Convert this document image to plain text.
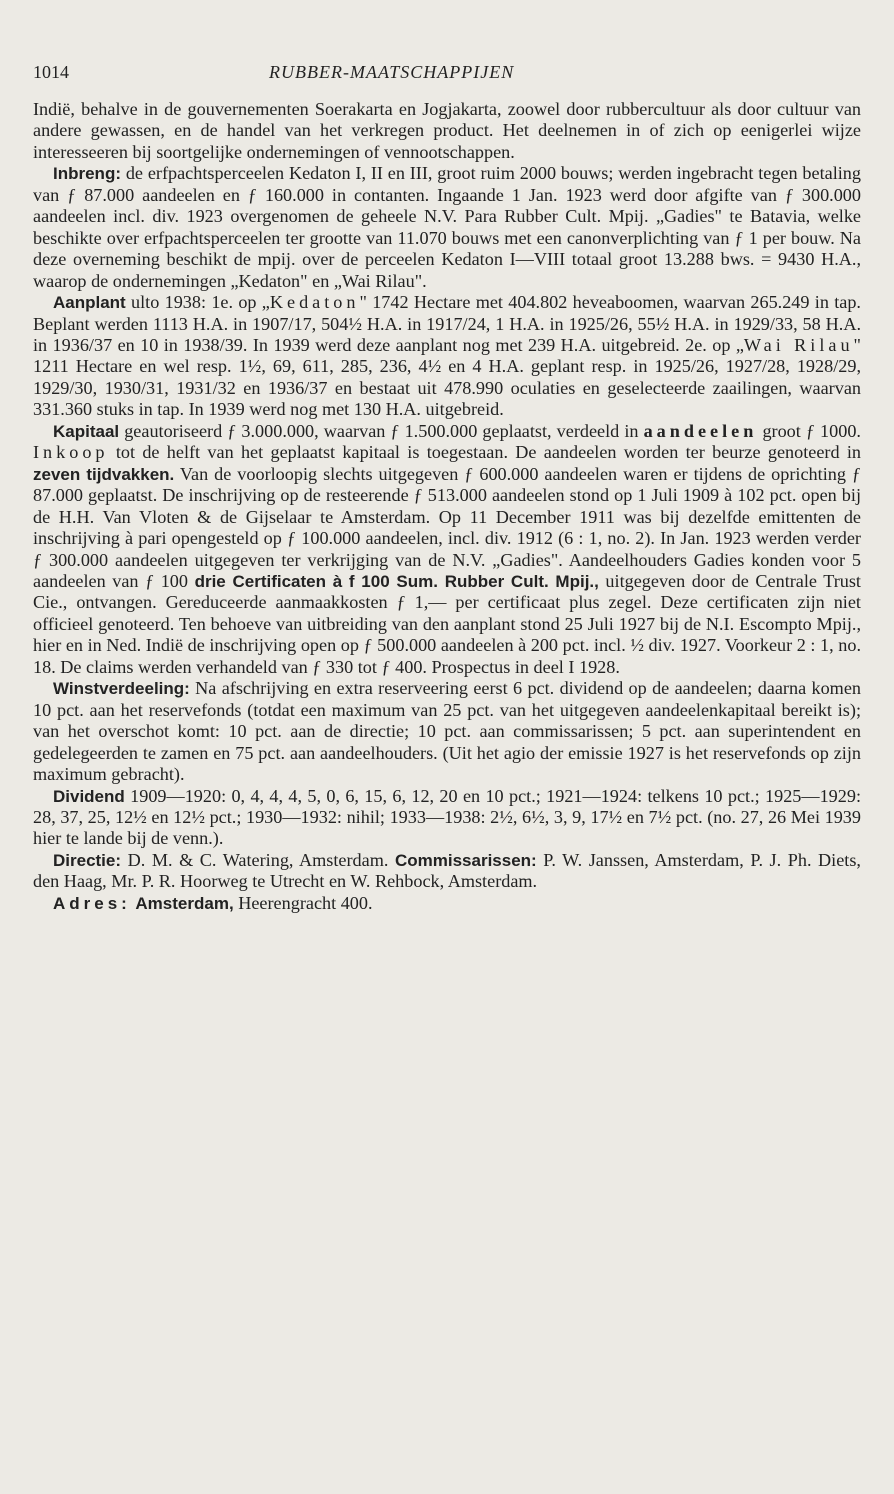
1014	RUBBER-MAATSCHAPPIJEN

Indië, behalve in de gouvernementen Soerakarta en Jogjakarta, zoowel door rubbercultuur als door cultuur van andere gewassen, en de handel van het verkregen product. Het deelnemen in of zich op eenigerlei wijze interesseeren bij soortgelijke ondernemingen of vennootschappen.

Inbreng: de erfpachtsperceelen Kedaton I, II en III, groot ruim 2000 bouws; werden ingebracht tegen betaling van ƒ 87.000 aandeelen en ƒ 160.000 in contanten. Ingaande 1 Jan. 1923 werd door afgifte van ƒ 300.000 aandeelen incl. div. 1923 overgenomen de geheele N.V. Para Rubber Cult. Mpij. „Gadies" te Batavia, welke beschikte over erfpachtsperceelen ter grootte van 11.070 bouws met een canonverplichting van ƒ 1 per bouw. Na deze overneming beschikt de mpij. over de perceelen Kedaton I—VIII totaal groot 13.288 bws. = 9430 H.A., waarop de ondernemingen „Kedaton" en „Wai Rilau".

Aanplant ulto 1938: 1e. op „Kedaton" 1742 Hectare met 404.802 heveaboomen, waarvan 265.249 in tap. Beplant werden 1113 H.A. in 1907/17, 504½ H.A. in 1917/24, 1 H.A. in 1925/26, 55½ H.A. in 1929/33, 58 H.A. in 1936/37 en 10 in 1938/39. In 1939 werd deze aanplant nog met 239 H.A. uitgebreid. 2e. op „Wai Rilau" 1211 Hectare en wel resp. 1½, 69, 611, 285, 236, 4½ en 4 H.A. geplant resp. in 1925/26, 1927/28, 1928/29, 1929/30, 1930/31, 1931/32 en 1936/37 en bestaat uit 478.990 oculaties en geselecteerde zaailingen, waarvan 331.360 stuks in tap. In 1939 werd nog met 130 H.A. uitgebreid.

Kapitaal geautoriseerd ƒ 3.000.000, waarvan ƒ 1.500.000 geplaatst, verdeeld in aandeelen groot ƒ 1000. Inkoop tot de helft van het geplaatst kapitaal is toegestaan. De aandeelen worden ter beurze genoteerd in zeven tijdvakken. Van de voorloopig slechts uitgegeven ƒ 600.000 aandeelen waren er tijdens de oprichting ƒ 87.000 geplaatst. De inschrijving op de resteerende ƒ 513.000 aandeelen stond op 1 Juli 1909 à 102 pct. open bij de H.H. Van Vloten & de Gijselaar te Amsterdam. Op 11 December 1911 was bij dezelfde emittenten de inschrijving à pari opengesteld op ƒ 100.000 aandeelen, incl. div. 1912 (6 : 1, no. 2). In Jan. 1923 werden verder ƒ 300.000 aandeelen uitgegeven ter verkrijging van de N.V. „Gadies". Aandeelhouders Gadies konden voor 5 aandeelen van ƒ 100 drie Certificaten à f 100 Sum. Rubber Cult. Mpij., uitgegeven door de Centrale Trust Cie., ontvangen. Gereduceerde aanmaakkosten ƒ 1,— per certificaat plus zegel. Deze certificaten zijn niet officieel genoteerd. Ten behoeve van uitbreiding van den aanplant stond 25 Juli 1927 bij de N.I. Escompto Mpij., hier en in Ned. Indië de inschrijving open op ƒ 500.000 aandeelen à 200 pct. incl. ½ div. 1927. Voorkeur 2 : 1, no. 18. De claims werden verhandeld van ƒ 330 tot ƒ 400. Prospectus in deel I 1928.

Winstverdeeling: Na afschrijving en extra reserveering eerst 6 pct. dividend op de aandeelen; daarna komen 10 pct. aan het reservefonds (totdat een maximum van 25 pct. van het uitgegeven aandeelenkapitaal bereikt is); van het overschot komt: 10 pct. aan de directie; 10 pct. aan commissarissen; 5 pct. aan superintendent en gedelegeerden te zamen en 75 pct. aan aandeelhouders. (Uit het agio der emissie 1927 is het reservefonds op zijn maximum gebracht).

Dividend 1909—1920: 0, 4, 4, 4, 5, 0, 6, 15, 6, 12, 20 en 10 pct.; 1921—1924: telkens 10 pct.; 1925—1929: 28, 37, 25, 12½ en 12½ pct.; 1930—1932: nihil; 1933—1938: 2½, 6½, 3, 9, 17½ en 7½ pct. (no. 27, 26 Mei 1939 hier te lande bij de venn.).

Directie: D. M. & C. Watering, Amsterdam. Commissarissen: P. W. Janssen, Amsterdam, P. J. Ph. Diets, den Haag, Mr. P. R. Hoorweg te Utrecht en W. Rehbock, Amsterdam.

Adres: Amsterdam, Heerengracht 400.
